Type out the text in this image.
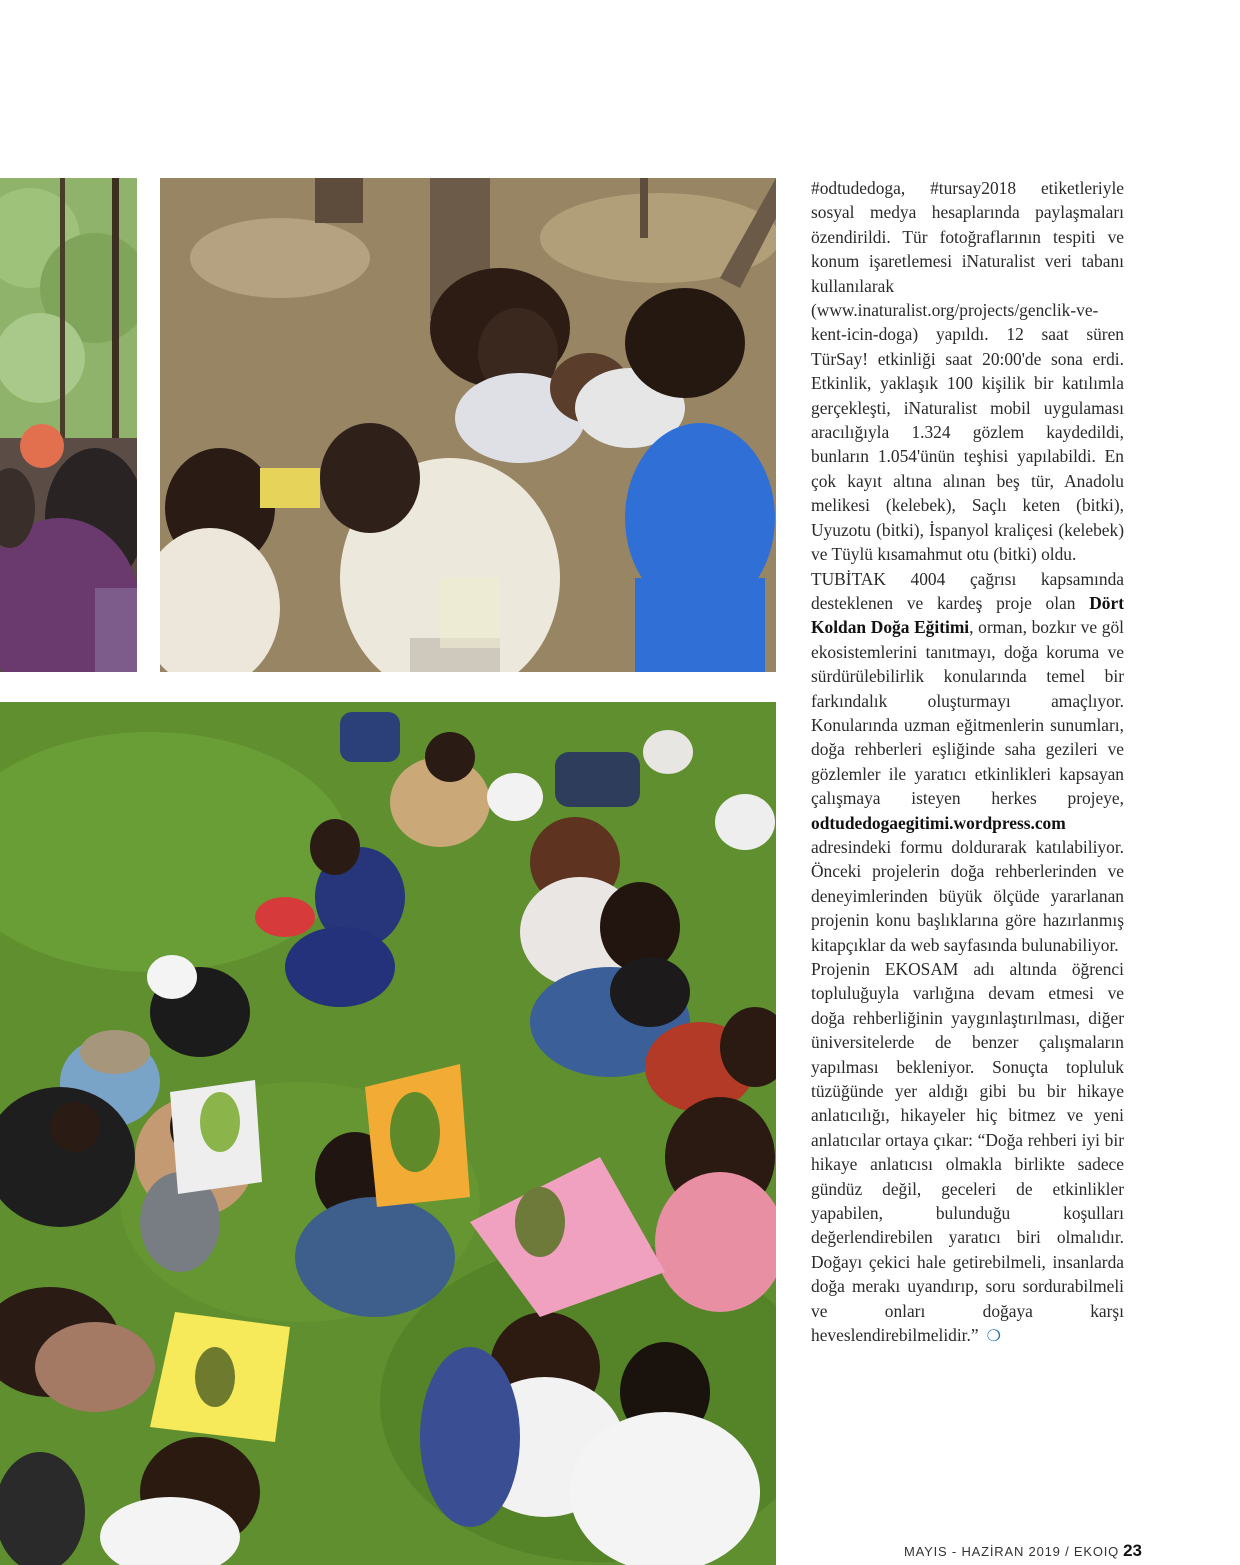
#odtudedoga, #tursay2018 etiketleriyle sosyal medya hesaplarında paylaşmaları özendirildi. Tür fotoğraflarının tespiti ve konum işaretlemesi iNaturalist veri tabanı kullanılarak (www.inaturalist.org/projects/genclik-ve-kent-icin-doga) yapıldı. 12 saat süren TürSay! etkinliği saat 20:00'de sona erdi. Etkinlik, yaklaşık 100 kişilik bir katılımla gerçekleşti, iNaturalist mobil uygulaması aracılığıyla 1.324 gözlem kaydedildi, bunların 1.054'ünün teşhisi yapılabildi. En çok kayıt altına alınan beş tür, Anadolu melikesi (kelebek), Saçlı keten (bitki), Uyuzotu (bitki), İspanyol kraliçesi (kelebek) ve Tüylü kısamahmut otu (bitki) oldu.

TUBİTAK 4004 çağrısı kapsamında desteklenen ve kardeş proje olan Dört Koldan Doğa Eğitimi, orman, bozkır ve göl ekosistemlerini tanıtmayı, doğa koruma ve sürdürülebilirlik konularında temel bir farkındalık oluşturmayı amaçlıyor. Konularında uzman eğitmenlerin sunumları, doğa rehberleri eşliğinde saha gezileri ve gözlemler ile yaratıcı etkinlikleri kapsayan çalışmaya isteyen herkes projeye, odtudedogaegitimi.wordpress.com adresindeki formu doldurarak katılabiliyor. Önceki projelerin doğa rehberlerinden ve deneyimlerinden büyük ölçüde yararlanan projenin konu başlıklarına göre hazırlanmış kitapçıklar da web sayfasında bulunabiliyor.

Projenin EKOSAM adı altında öğrenci topluluğuyla varlığına devam etmesi ve doğa rehberliğinin yaygınlaştırılması, diğer üniversitelerde de benzer çalışmaların yapılması bekleniyor. Sonuçta topluluk tüzüğünde yer aldığı gibi bu bir hikaye anlatıcılığı, hikayeler hiç bitmez ve yeni anlatıcılar ortaya çıkar: “Doğa rehberi iyi bir hikaye anlatıcısı olmakla birlikte sadece gündüz değil, geceleri de etkinlikler yapabilen, bulunduğu koşulları değerlendirebilen yaratıcı biri olmalıdır. Doğayı çekici hale getirebilmeli, insanlarda doğa merakı uyandırıp, soru sordurabilmeli ve onları doğaya karşı heveslendirebilmelidir.” ❍

MAYIS - HAZİRAN 2019 / EKOIQ 23
